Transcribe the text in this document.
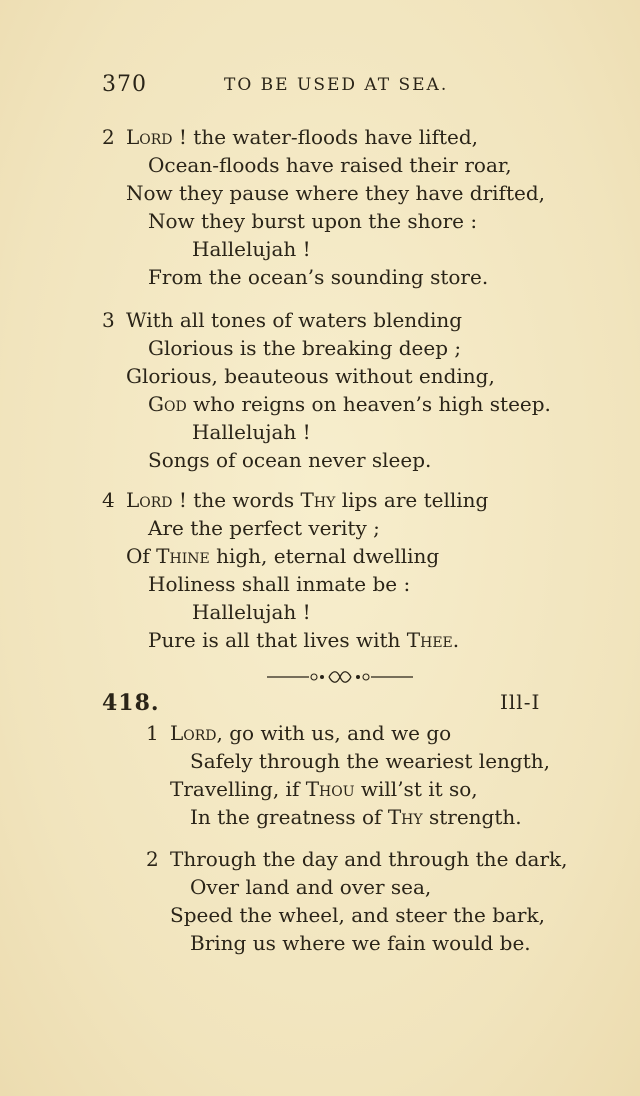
370	TO BE USED AT SEA.
2 Lord ! the water-floods have lifted,
Ocean-floods have raised their roar,
Now they pause where they have drifted,
Now they burst upon the shore :
Hallelujah !
From the ocean’s sounding store.
3 With all tones of waters blending
Glorious is the breaking deep ;
Glorious, beauteous without ending,
God who reigns on heaven’s high steep.
Hallelujah !
Songs of ocean never sleep.
4 Lord ! the words Thy lips are telling
Are the perfect verity ;
Of Thine high, eternal dwelling
Holiness shall inmate be :
Hallelujah !
Pure is all that lives with Thee.
418.	Ill-I
1 Lord, go with us, and we go
Safely through the weariest length,
Travelling, if Thou will’st it so,
In the greatness of Thy strength.
2 Through the day and through the dark,
Over land and over sea,
Speed the wheel, and steer the bark,
Bring us where we fain would be.
